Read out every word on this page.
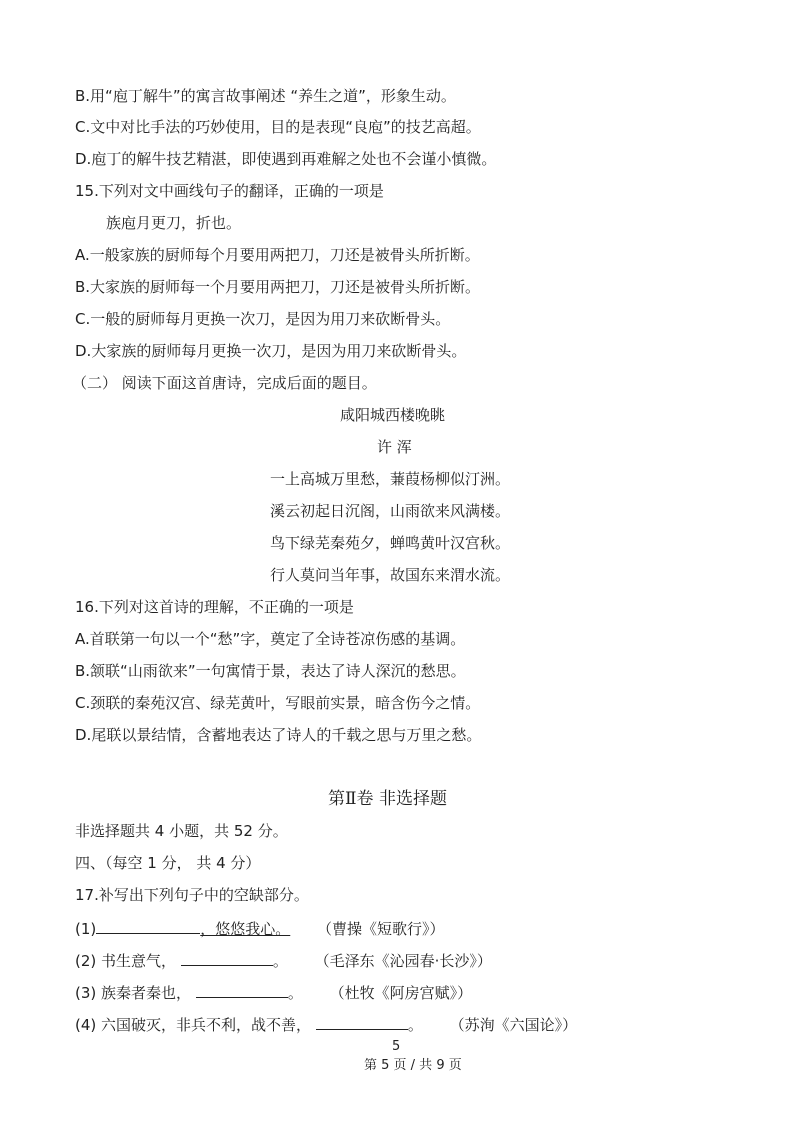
B.用“庖丁解牛”的寓言故事阐述 “养生之道”，形象生动。
C.文中对比手法的巧妙使用，目的是表现“良庖”的技艺高超。
D.庖丁的解牛技艺精湛，即使遇到再难解之处也不会谨小慎微。
15.下列对文中画线句子的翻译，正确的一项是
族庖月更刀，折也。
A.一般家族的厨师每个月要用两把刀，刀还是被骨头所折断。
B.大家族的厨师每一个月要用两把刀，刀还是被骨头所折断。
C.一般的厨师每月更换一次刀，是因为用刀来砍断骨头。
D.大家族的厨师每月更换一次刀，是因为用刀来砍断骨头。
（二） 阅读下面这首唐诗，完成后面的题目。
咸阳城西楼晚眺
许 浑
一上高城万里愁，蒹葭杨柳似汀洲。
溪云初起日沉阁，山雨欲来风满楼。
鸟下绿芜秦苑夕，蝉鸣黄叶汉宫秋。
行人莫问当年事，故国东来渭水流。
16.下列对这首诗的理解，不正确的一项是
A.首联第一句以一个“愁”字，奠定了全诗苍凉伤感的基调。
B.颔联“山雨欲来”一句寓情于景，表达了诗人深沉的愁思。
C.颈联的秦苑汉宫、绿芜黄叶，写眼前实景，暗含伤今之情。
D.尾联以景结情，含蓄地表达了诗人的千载之思与万里之愁。
第Ⅱ卷 非选择题
非选择题共 4 小题，共 52 分。
四、（每空 1 分， 共 4 分）
17.补写出下列句子中的空缺部分。
(1)	，悠悠我心。 （曹操《短歌行》）
(2) 书生意气，	。 （毛泽东《沁园春·长沙》）
(3) 族秦者秦也，	。 （杜牧《阿房宫赋》）
(4) 六国破灭，非兵不利，战不善，	。 （苏洵《六国论》）
5
第 5 页 / 共 9 页
